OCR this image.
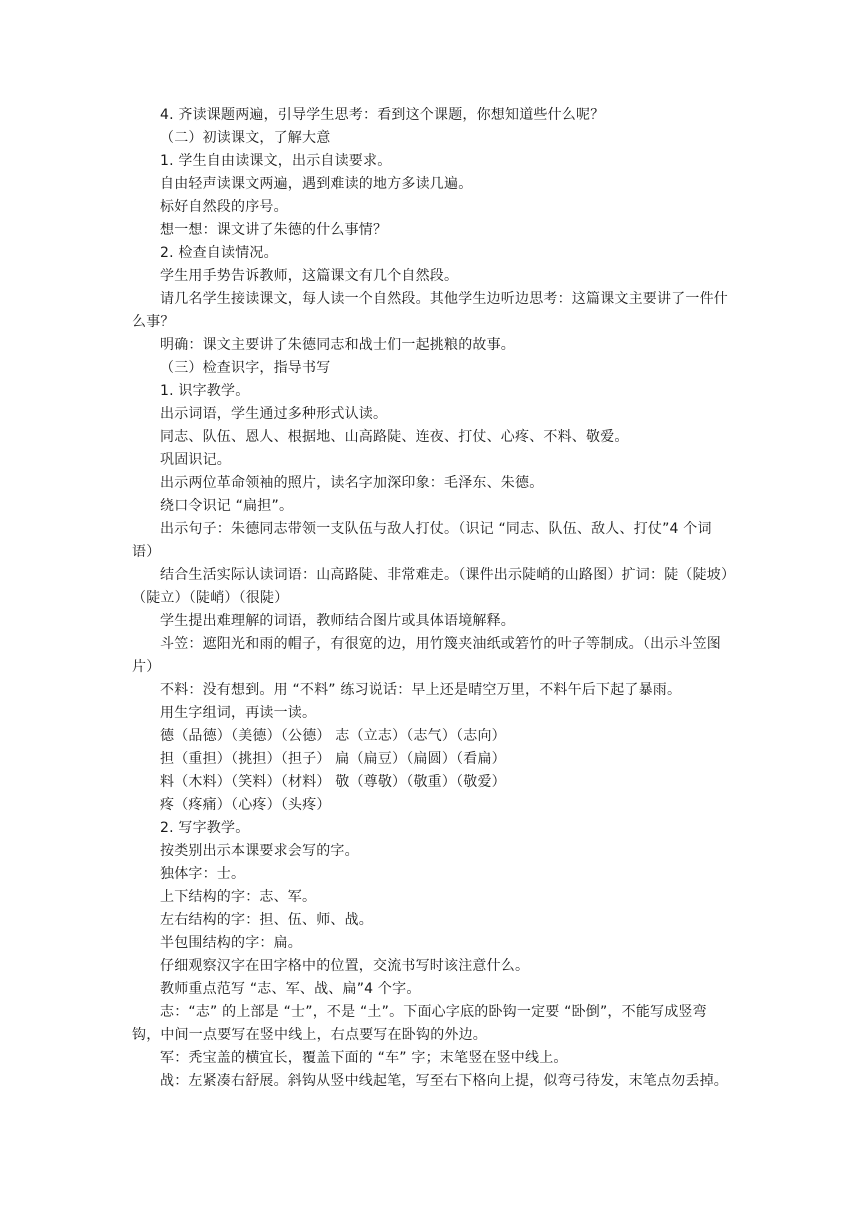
4. 齐读课题两遍，引导学生思考：看到这个课题，你想知道些什么呢？

（二）初读课文，了解大意

1. 学生自由读课文，出示自读要求。

自由轻声读课文两遍，遇到难读的地方多读几遍。

标好自然段的序号。

想一想：课文讲了朱德的什么事情？

2. 检查自读情况。

学生用手势告诉教师，这篇课文有几个自然段。

请几名学生接读课文，每人读一个自然段。其他学生边听边思考：这篇课文主要讲了一件什么事？

明确：课文主要讲了朱德同志和战士们一起挑粮的故事。

（三）检查识字，指导书写

1. 识字教学。

出示词语，学生通过多种形式认读。

同志、队伍、恩人、根据地、山高路陡、连夜、打仗、心疼、不料、敬爱。

巩固识记。

出示两位革命领袖的照片，读名字加深印象：毛泽东、朱德。

绕口令识记 “扁担”。

出示句子：朱德同志带领一支队伍与敌人打仗。（识记 “同志、队伍、敌人、打仗”4 个词语）

结合生活实际认读词语：山高路陡、非常难走。（课件出示陡峭的山路图）扩词：陡（陡坡）（陡立）（陡峭）（很陡）

学生提出难理解的词语，教师结合图片或具体语境解释。

斗笠：遮阳光和雨的帽子，有很宽的边，用竹篾夹油纸或箬竹的叶子等制成。（出示斗笠图片）

不料：没有想到。用 “不料” 练习说话：早上还是晴空万里，不料午后下起了暴雨。

用生字组词，再读一读。

德（品德）（美德）（公德） 志（立志）（志气）（志向）

担（重担）（挑担）（担子） 扁（扁豆）（扁圆）（看扁）

料（木料）（笑料）（材料） 敬（尊敬）（敬重）（敬爱）

疼（疼痛）（心疼）（头疼）

2. 写字教学。

按类别出示本课要求会写的字。

独体字：士。

上下结构的字：志、军。

左右结构的字：担、伍、师、战。

半包围结构的字：扁。

仔细观察汉字在田字格中的位置，交流书写时该注意什么。

教师重点范写 “志、军、战、扁”4 个字。

志：“志” 的上部是 “士”，不是 “土”。下面心字底的卧钩一定要 “卧倒”，不能写成竖弯钩，中间一点要写在竖中线上，右点要写在卧钩的外边。

军：秃宝盖的横宜长，覆盖下面的 “车” 字；末笔竖在竖中线上。

战：左紧凑右舒展。斜钩从竖中线起笔，写至右下格向上提，似弯弓待发，末笔点勿丢掉。
